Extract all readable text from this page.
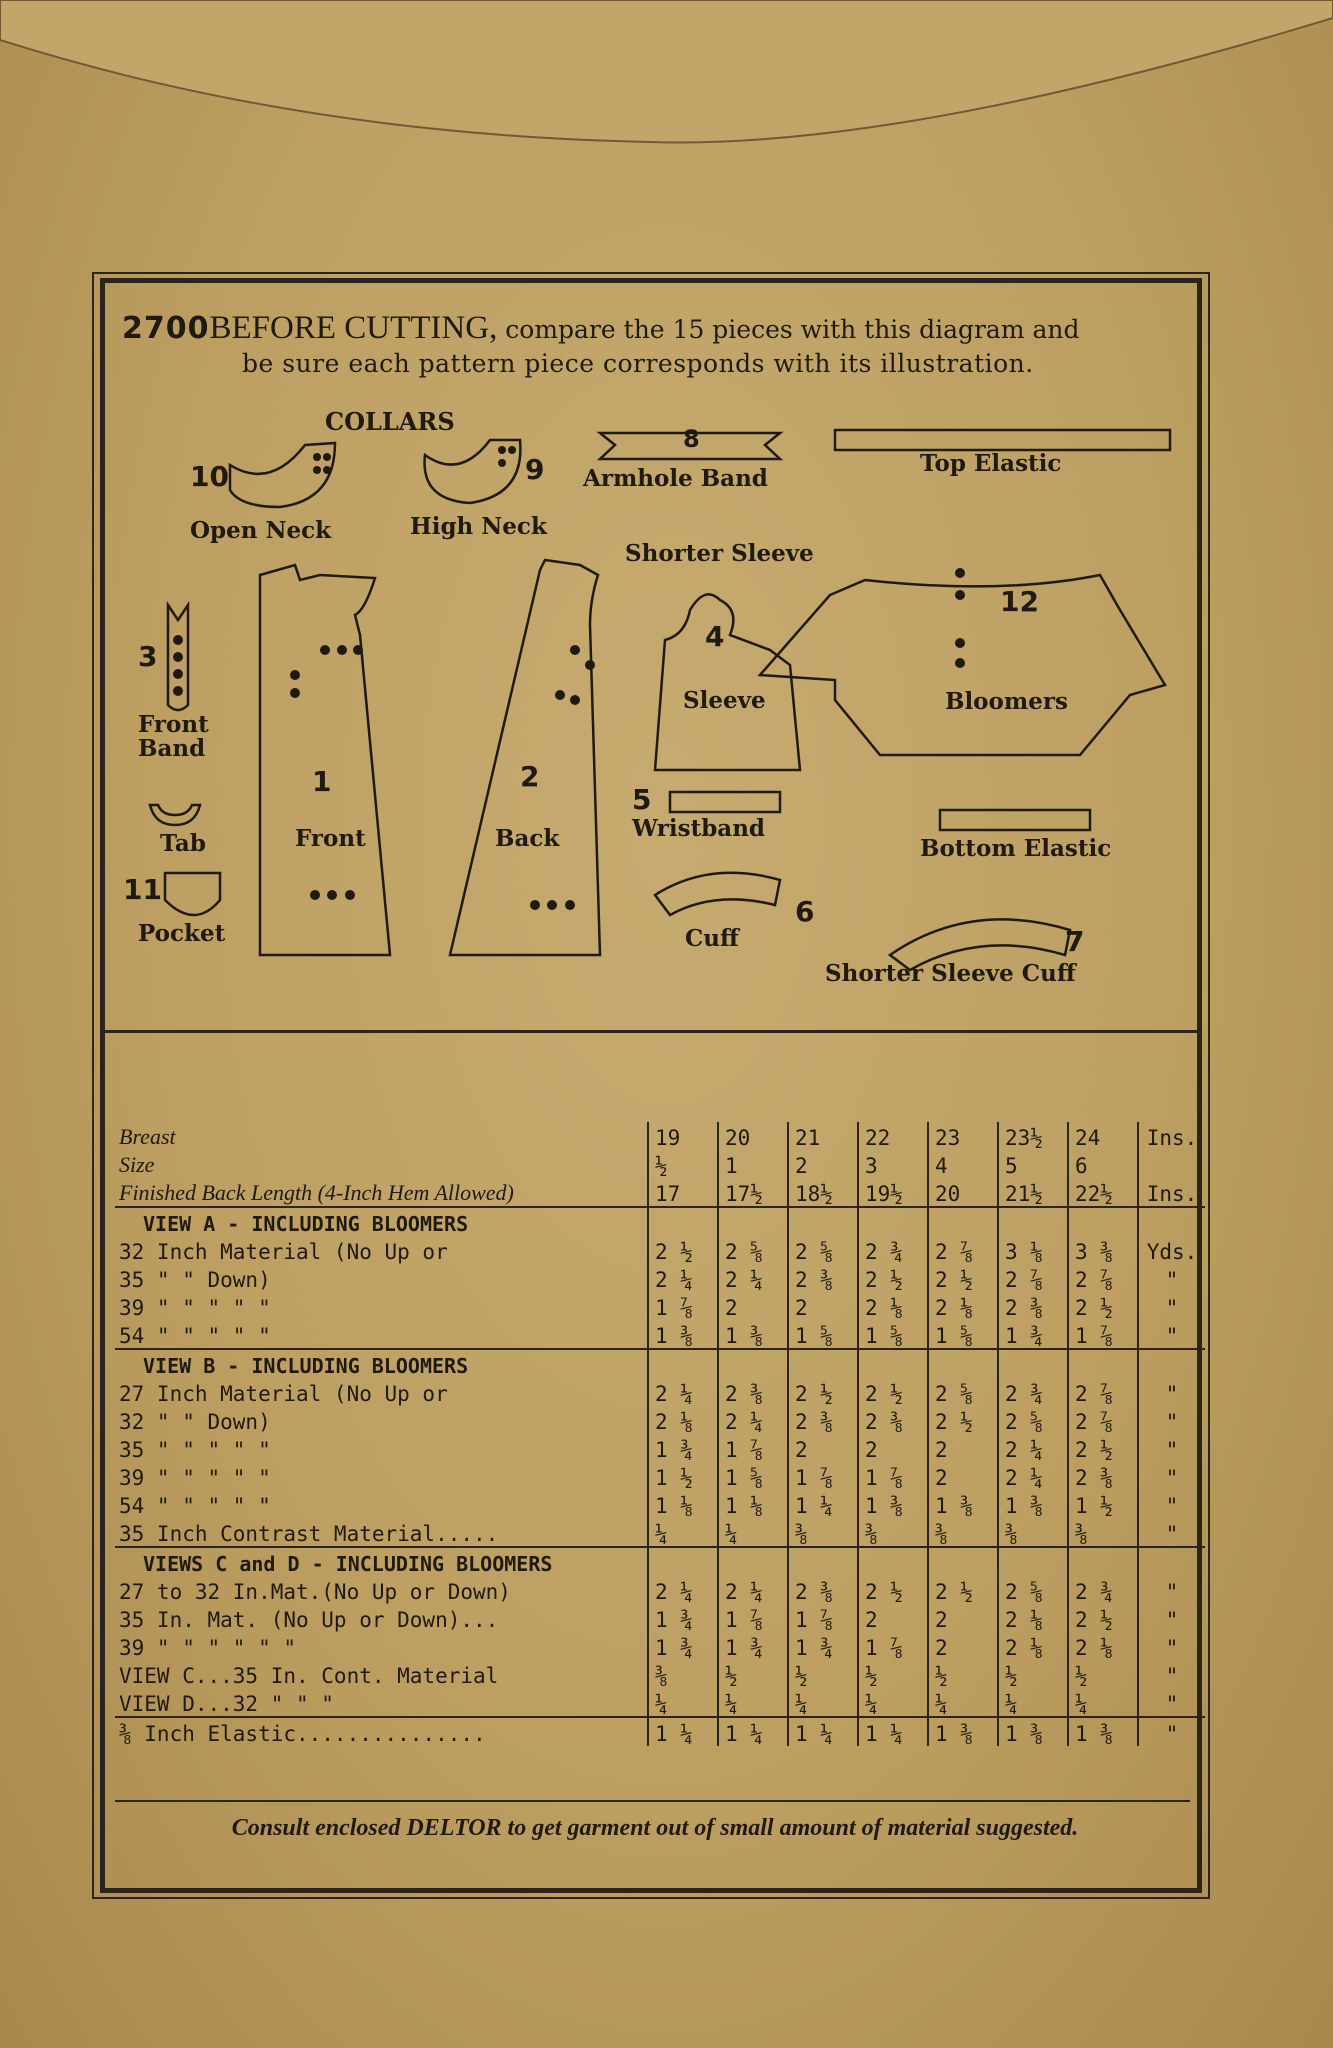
2700BEFORE CUTTING, compare the 15 pieces with this diagram and
be sure each pattern piece corresponds with its illustration.
COLLARS
10
Open Neck
9
High Neck
8
Armhole Band
Top Elastic
Shorter Sleeve
4
Sleeve
12
Bloomers
3
Front Band
1
Front
2
Back
Tab
11
Pocket
5
Wristband
Bottom Elastic
6
Cuff	7
Shorter Sleeve Cuff
Breast	19	20	21	22	23	23½	24	Ins.
Size	½	1	2	3	4	5	6	
Finished Back Length (4-Inch Hem Allowed)	17	17½	18½	19½	20	21½	22½	Ins.
VIEW A - INCLUDING BLOOMERS								
32 Inch Material (No Up or	2 ½	2 ⅝	2 ⅝	2 ¾	2 ⅞	3 ⅛	3 ⅜	Yds.
35 " " Down)	2 ¼	2 ¼	2 ⅜	2 ½	2 ½	2 ⅞	2 ⅞	"
39 " " " " "	1 ⅞	2	2	2 ⅛	2 ⅛	2 ⅜	2 ½	"
54 " " " " "	1 ⅜	1 ⅜	1 ⅝	1 ⅝	1 ⅝	1 ¾	1 ⅞	"
VIEW B - INCLUDING BLOOMERS								
27 Inch Material (No Up or	2 ¼	2 ⅜	2 ½	2 ½	2 ⅝	2 ¾	2 ⅞	"
32 " " Down)	2 ⅛	2 ¼	2 ⅜	2 ⅜	2 ½	2 ⅝	2 ⅞	"
35 " " " " "	1 ¾	1 ⅞	2	2	2	2 ¼	2 ½	"
39 " " " " "	1 ½	1 ⅝	1 ⅞	1 ⅞	2	2 ¼	2 ⅜	"
54 " " " " "	1 ⅛	1 ⅛	1 ¼	1 ⅜	1 ⅜	1 ⅜	1 ½	"
35 Inch Contrast Material.....	¼	¼	⅜	⅜	⅜	⅜	⅜	"
VIEWS C and D - INCLUDING BLOOMERS								
27 to 32 In.Mat.(No Up or Down)	2 ¼	2 ¼	2 ⅜	2 ½	2 ½	2 ⅝	2 ¾	"
35 In. Mat. (No Up or Down)...	1 ¾	1 ⅞	1 ⅞	2	2	2 ⅛	2 ½	"
39 " " " " " "	1 ¾	1 ¾	1 ¾	1 ⅞	2	2 ⅛	2 ⅛	"
VIEW C...35 In. Cont. Material	⅜	½	½	½	½	½	½	"
VIEW D...32 " " "	¼	¼	¼	¼	¼	¼	¼	"
⅜ Inch Elastic...............	1 ¼	1 ¼	1 ¼	1 ¼	1 ⅜	1 ⅜	1 ⅜	"
Consult enclosed DELTOR to get garment out of small amount of material suggested.
